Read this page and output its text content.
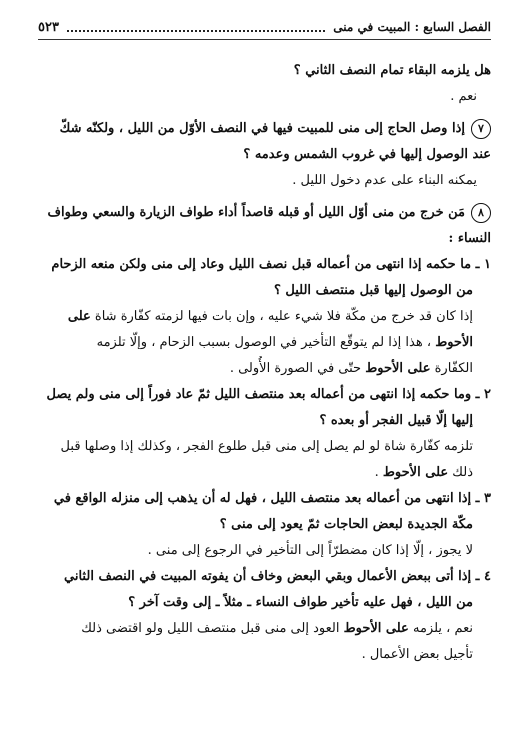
الفصل السابع : المبيت في منى
٥٢٣
هل يلزمه البقاء تمام النصف الثاني ؟
نعم .
٧إذا وصل الحاج إلى منى للمبيت فيها في النصف الأوّل من الليل ، ولكنّه شكّ
عند الوصول إليها في غروب الشمس وعدمه ؟
يمكنه البناء على عدم دخول الليل .
٨مَن خرج من منى أوّل الليل أو قبله قاصداً أداء طواف الزيارة والسعي وطواف
النساء :
١ ـ ما حكمه إذا انتهى من أعماله قبل نصف الليل وعاد إلى منى ولكن منعه الزحام
من الوصول إليها قبل منتصف الليل ؟
إذا كان قد خرج من مكّة فلا شيء عليه ، وإن بات فيها لزمته كفّارة شاة على
الأحوط ، هذا إذا لم يتوقّع التأخير في الوصول بسبب الزحام ، وإلّا تلزمه
الكفّارة على الأحوط حتّى في الصورة الأُولى .
٢ ـ وما حكمه إذا انتهى من أعماله بعد منتصف الليل ثمّ عاد فوراً إلى منى ولم يصل
إليها إلّا قبيل الفجر أو بعده ؟
تلزمه كفّارة شاة لو لم يصل إلى منى قبل طلوع الفجر ، وكذلك إذا وصلها قبل
ذلك على الأحوط .
٣ ـ إذا انتهى من أعماله بعد منتصف الليل ، فهل له أن يذهب إلى منزله الواقع في
مكّة الجديدة لبعض الحاجات ثمّ يعود إلى منى ؟
لا يجوز ، إلّا إذا كان مضطرّاً إلى التأخير في الرجوع إلى منى .
٤ ـ إذا أتى ببعض الأعمال وبقي البعض وخاف أن يفوته المبيت في النصف الثاني
من الليل ، فهل عليه تأخير طواف النساء ـ مثلاً ـ إلى وقت آخر ؟
نعم ، يلزمه على الأحوط العود إلى منى قبل منتصف الليل ولو اقتضى ذلك
تأجيل بعض الأعمال .
